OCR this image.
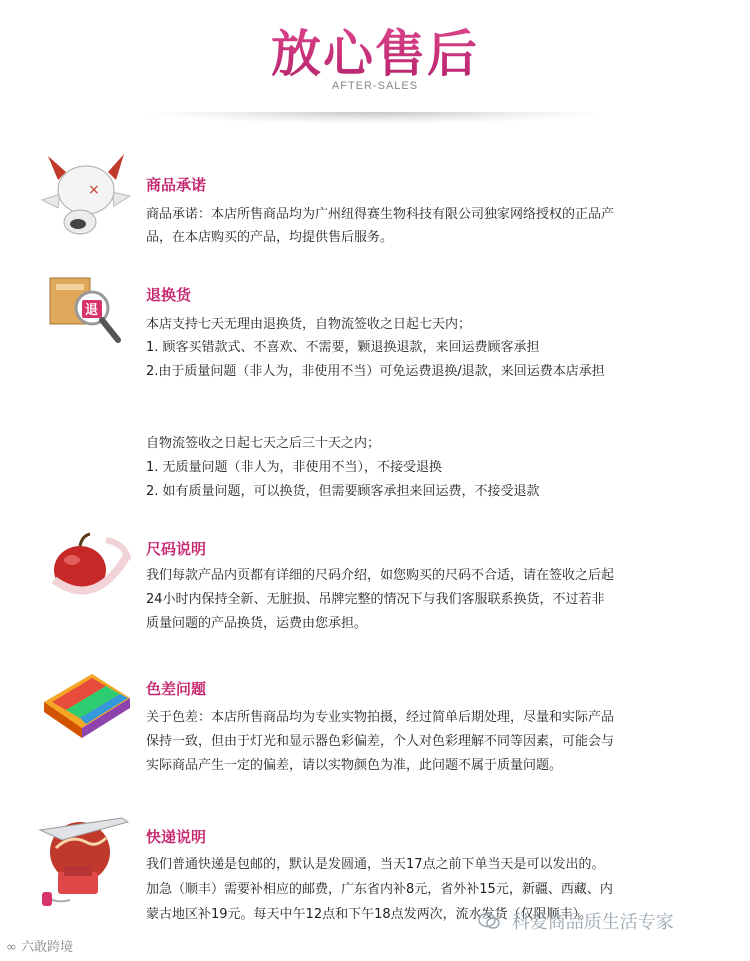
放心售后
AFTER-SALES
×	商品承诺
商品承诺：本店所售商品均为广州纽得赛生物科技有限公司独家网络授权的正品产
品，在本店购买的产品，均提供售后服务。
退
退换货
本店支持七天无理由退换货，自物流签收之日起七天内；
1. 顾客买错款式、不喜欢、不需要，颗退换退款，来回运费顾客承担
2.由于质量问题（非人为，非使用不当）可免运费退换/退款，来回运费本店承担
自物流签收之日起七天之后三十天之内；
1. 无质量问题（非人为，非使用不当），不接受退换
2. 如有质量问题，可以换货，但需要顾客承担来回运费，不接受退款
尺码说明
我们每款产品内页都有详细的尺码介绍，如您购买的尺码不合适，请在签收之后起
24小时内保持全新、无脏损、吊牌完整的情况下与我们客服联系换货，不过若非
质量问题的产品换货，运费由您承担。
色差问题
关于色差：本店所售商品均为专业实物拍摄，经过简单后期处理，尽量和实际产品
保持一致，但由于灯光和显示器色彩偏差，个人对色彩理解不同等因素，可能会与
实际商品产生一定的偏差，请以实物颜色为准，此问题不属于质量问题。
快递说明
我们普通快递是包邮的，默认是发圆通，当天17点之前下单当天是可以发出的。
加急（顺丰）需要补相应的邮费，广东省内补8元，省外补15元，新疆、西藏、内
蒙古地区补19元。每天中午12点和下午18点发两次，流水发货（仅限顺丰）。
∞ 六敢跨境
科爱商品质生活专家
